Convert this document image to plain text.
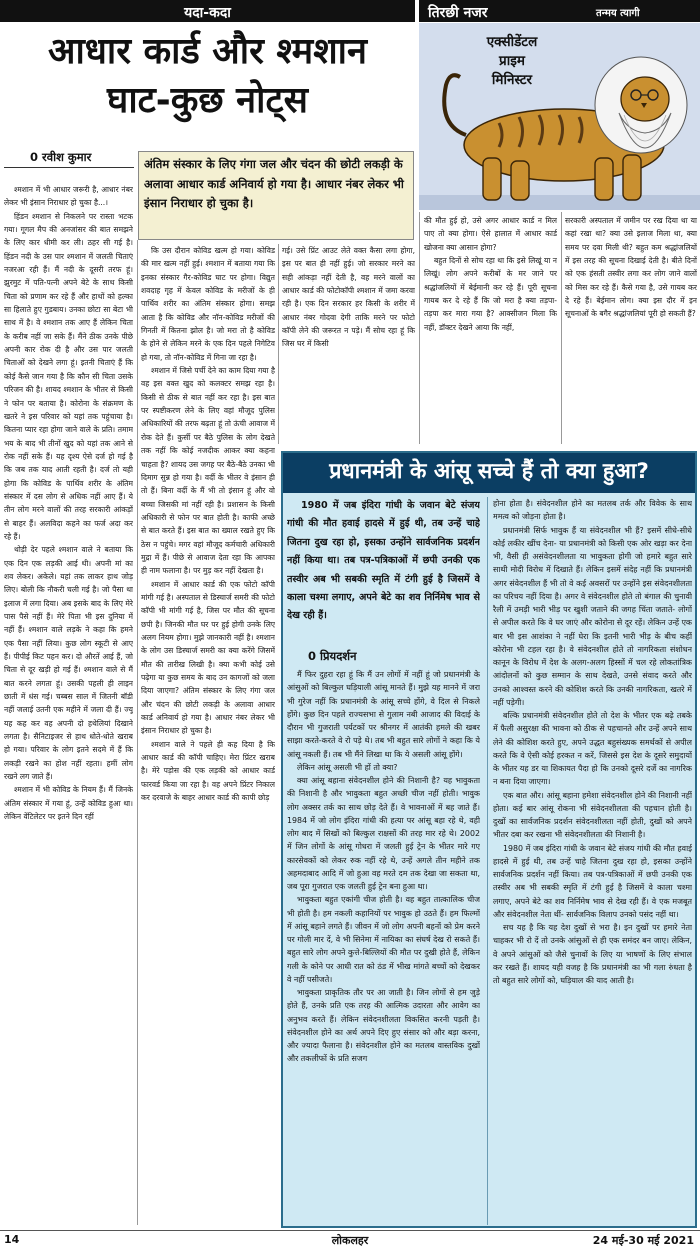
यदा-कदा	तिरछी नजर	तन्मय त्यागी
आधार कार्ड और श्मशान
घाट-कुछ नोट्स
एक्सीडेंटल
प्राइम
मिनिस्टर
0 रवीश कुमार	अंतिम संस्कार के लिए गंगा जल और चंदन की छोटी लकड़ी के अलावा आधार कार्ड अनिवार्य हो गया है। आधार नंबर लेकर भी इंसान निराधार हो चुका है।

श्मशान में भी आधार जरूरी है, आधार नंबर लेकर भी इंसान निराधार हो चुका है...।

हिंडन श्मशान से निकलने पर रास्ता भटक गया। गूगल मैप की अनजांसर की बात समझने के लिए कार धीमी कर ली। ठहर सी गई है। हिंडन नदी के उस पार श्मशान में जलती चिताएं नजरआ रही हैं। मैं नदी के दूसरी तरफ हूं। झुरमुट में पति-पत्नी अपने बेटे के साथ किसी चिता को प्रणाम कर रहे हैं और हाथों को हल्का सा हिलाते हुए गुडबाय। उनका छोटा सा बेटा भी साथ में है। वे श्मशान तक आए हैं लेकिन चिता के करीब नहीं जा सके हैं। मैंने ठीक उनके पीछे अपनी कार रोक दी है और उस पार जलती चिताओं को देखने लगा हूं। इतनी चिताएं हैं कि कोई कैसे जान गया है कि कौन सी चिता उसके परिजन की है। शायद श्मशान के भीतर से किसी ने फोन पर बताया है। कोरोना के संक्रमण के खतरे ने इस परिवार को यहां तक पहुंचाया है। कितना प्यार रहा होगा जाने वाले के प्रति। तमाम भय के बाद भी तीनों खुद को यहां तक आने से रोक नहीं सके हैं। यह दृश्य ऐसे दर्ज हो गई है कि जब तक याद आती रहती है। दर्ज तो यही होगा कि कोविड के पार्थिव शरीर के अंतिम संस्कार में दस लोग से अधिक नहीं आए हैं। ये तीन लोग मरने वालों की तरह सरकारी आंकड़ों से बाहर हैं। अलविदा कहने का फर्ज अदा कर रहे हैं।

थोड़ी देर पहले श्मशान वाले ने बताया कि एक दिन एक लड़की आई थी। अपनी मां का शव लेकर। अकेले। यहां तक लाकर हाथ जोड़ लिए। बोली कि नौकरी चली गई है। जो पैसा था इलाज में लगा दिया। अब इसके बाद के लिए मेरे पास पैसे नहीं हैं। मेरे पिता भी इस दुनिया में नहीं हैं। श्मशान वाले लड़के ने कहा कि हमने एक पैसा नहीं लिया। कुछ लोग स्कूटी से आए हैं। पीपीई किट पहन कर। दो औरतें आई हैं, जो चिता से दूर खड़ी हो गई हैं। श्मशान वाले से मैं बात करने लगता हूं। उसकी पहली ही लाइन छाती में धंस गई। चब्बस साल में जितनी बॉडी नहीं जलाई उतनी एक महीने में जला दी हैं। ज्यू यह कह कर वह अपनी दो हथेलियां दिखाने लगता है। सैनिटाइजर से हाथ धोते-धोते खराब हो गया। परिवार के लोग इतने सदमे में हैं कि लकड़ी रखने का होश नहीं रहता। हमीं लोग रखने लग जाते हैं।

श्मशान में भी कोविड के नियम हैं। मैं जिनके अंतिम संस्कार में गया हूं, उन्हें कोविड हुआ था। लेकिन वेंटिलेटर पर इतने दिन रहीं

कि उस दौरान कोविड खत्म हो गया। कोविड की मार खत्म नहीं हुई। श्मशान में बताया गया कि इनका संस्कार गैर-कोविड घाट पर होगा। विद्युत शवदाह गृह में केवल कोविड के मरीजों के ही पार्थिव शरीर का अंतिम संस्कार होगा। समझ आता है कि कोविड और नॉन-कोविड मरीजों की गिनती में कितना झोल है। जो मरा तो है कोविड के होने से लेकिन मरने के एक दिन पहले निगेटिव हो गया, तो नॉन-कोविड में गिना जा रहा है।

श्मशान में जिसे पर्ची देने का काम दिया गया है वह इस वक्त खुद को कलक्टर समझ रहा है। किसी से ठीक से बात नहीं कर रहा है। इस बात पर स्पष्टीकरण लेने के लिए वहां मौजूद पुलिस अधिकारियों की तरफ बढ़ता हूं तो ऊंची आवाज में रोक देते हैं। कुर्सी पर बैठे पुलिस के लोग देखते तक नहीं कि कोई नजदीक आकर क्या कहना चाहता है? शायद उस जगह पर बैठे-बैठे उनका भी दिमाग सुन्न हो गया है। वर्दी के भीतर वे इंसान ही तो हैं। बिना वर्दी के मैं भी तो इंसान हूं और वो बच्चा जिसकी मां नहीं रही है। प्रशासन के किसी अधिकारी से फोन पर बात होती है। काफी अच्छे से बात करते हैं। इस बात का ख्याल रखते हुए कि ठेस न पहुंचे। मगर वहां मौजूद कर्मचारी अधिकारी मुद्रा में हैं। पीछे से आवाज देता रहा कि आपका ही नाम फलाना है। पर मुड़ कर नहीं देखता है।

श्मशान में आधार कार्ड की एक फोटो कॉपी मांगी गई है। अस्पताल से डिस्चार्ज समरी की फोटो कॉपी भी मांगी गई है, जिस पर मौत की सूचना छपी है। जिनकी मौत घर पर हुई होगी उनके लिए अलग नियम होगा। मुझे जानकारी नहीं है। श्मशान के लोग उस डिस्चार्ज समरी का क्या करेंगे जिसमें मौत की तारीख लिखी है। क्या कभी कोई उसे पढ़ेगा या कुछ समय के बाद उन कागजों को जला दिया जाएगा? अंतिम संस्कार के लिए गंगा जल और चंदन की छोटी लकड़ी के अलावा आधार कार्ड अनिवार्य हो गया है। आधार नंबर लेकर भी इंसान निराधार हो चुका है।

श्मशान वाले ने पहले ही कह दिया है कि आधार कार्ड की कॉपी चाहिए। मेरा प्रिंटर खराब है। मेरे पड़ोस की एक लड़की को आधार कार्ड फारवर्ड किया जा रहा है। वह अपने प्रिंटर निकाल कर दरवाजे के बाहर आधार कार्ड की कापी छोड़

गई। उसे प्रिंट आउट लेते वक्त कैसा लगा होगा, इस पर बात ही नहीं हुई। जो सरकार मरने का सही आंकड़ा नहीं देती है, वह मरने वालों का आधार कार्ड की फोटोकॉपी श्मशान में जमा करवा रही है। एक दिन सरकार हर किसी के शरीर में आधार नंबर गोदवा देगी ताकि मरने पर फोटो कॉपी लेने की जरूरत न पड़े। मैं सोच रहा हूं कि जिस घर में किसी

की मौत हुई हो, उसे अगर आधार कार्ड न मिल पाए तो क्या होगा। ऐसे हालात में आधार कार्ड खोजना क्या आसान होगा?

बहुत दिनों से सोच रहा था कि इसे लिखूं या न लिखूं। लोग अपने करीबों के मर जाने पर श्रद्धांजलियों में बेईमानी कर रहे हैं। पूरी सूचना गायब कर दे रहे हैं कि जो मरा है क्या तड़पा-तड़पा कर मारा गया है? आक्सीजन मिला कि नहीं, डॉक्टर देखने आया कि नहीं,

सरकारी अस्पताल में जमीन पर रख दिया था या कहां रखा था? क्या उसे इलाज मिला था, क्या समय पर दवा मिली थी? बहुत कम श्रद्धांजलियों में इस तरह की सूचना दिखाई देती है। बीते दिनों को एक हंसती तस्वीर लगा कर लोग जाने वालों को मिस कर रहे हैं। कैसे गया है, उसे गायब कर दे रहे हैं। बेईमान लोग। क्या इस दौर में इन सूचनाओं के बगैर श्रद्धांजलियां पूरी हो सकती हैं?

प्रधानमंत्री के आंसू सच्चे हैं तो क्या हुआ?
1980 में जब इंदिरा गांधी के जवान बेटे संजय गांधी की मौत हवाई हादसे में हुई थी, तब उन्हें चाहे जितना दुख रहा हो, इसका उन्होंने सार्वजनिक प्रदर्शन नहीं किया था। तब पत्र-पत्रिकाओं में छपी उनकी एक तस्वीर अब भी सबकी स्मृति में टंगी हुई है जिसमें वे काला चश्मा लगाए, अपने बेटे का शव निर्निमेष भाव से देख रही हैं।
0 प्रियदर्शन

मैं फिर दुहरा रहा हूं कि मैं उन लोगों में नहीं हूं जो प्रधानमंत्री के आंसुओं को बिल्कुल घड़ियाली आंसू मानते हैं। मुझे यह मानने में जरा भी गुरेज नहीं कि प्रधानमंत्री के आंसू सच्चे होंगे, वे दिल से निकले होंगे। कुछ दिन पहले राज्यसभा से गुलाम नबी आजाद की विदाई के दौरान भी गुजराती पर्यटकों पर श्रीनगर में आतंकी हमले की खबर साझा करते-करते वे रो पड़े थे। तब भी बहुत सारे लोगों ने कहा कि ये आंसू नकली हैं। तब भी मैंने लिखा था कि ये असली आंसू होंगे।

लेकिन आंसू असली भी हों तो क्या?

क्या आंसू बहाना संवेदनशील होने की निशानी है? यह भावुकता की निशानी है और भावुकता बहुत अच्छी चीज नहीं होती। भावुक लोग अक्सर तर्क का साथ छोड़ देते हैं। वे भावनाओं में बह जाते हैं। 1984 में जो लोग इंदिरा गांधी की हत्या पर आंसू बहा रहे थे, वही लोग बाद में सिखों को बिल्कुल राक्षसों की तरह मार रहे थे। 2002 में जिन लोगों के आंसू गोधरा में जलती हुई ट्रेन के भीतर मारे गए कारसेवकों को लेकर रुक नहीं रहे थे, उन्हें अगले तीन महीने तक अहमदाबाद आदि में जो हुआ वह मरते दम तक देखा जा सकता था, जब पूरा गुजरात एक जलती हुई ट्रेन बना हुआ था।

भावुकता बहुत एकांगी चीज होती है। वह बहुत तात्कालिक चीज भी होती है। हम नकली कहानियों पर भावुक हो उठते हैं। हम फिल्मों में आंसू बहाने लगते हैं। जीवन में जो लोग अपनी बहनों को प्रेम करने पर गोली मार दें, वे भी सिनेमा में नायिका का संघर्ष देख रो सकते हैं। बहुत सारे लोग अपने कुत्ते-बिल्लियों की मौत पर दुखी होते हैं, लेकिन गली के कोने पर आधी रात को ठंड में भीख मांगते बच्चों को देखकर वे नहीं पसीजते।

भावुकता प्राकृतिक तौर पर आ जाती है। जिन लोगों से हम जुड़े होते हैं, उनके प्रति एक तरह की आत्मिक उदारता और आवेग का अनुभव करते हैं। लेकिन संवेदनशीलता विकसित करनी पड़ती है। संवेदनशील होने का अर्थ अपने दिए हुए संसार को और बड़ा करना, और ज्यादा फैलाना है। संवेदनशील होने का मतलब वास्तविक दुखों और तकलीफों के प्रति सजग

होना होता है। संवेदनशील होने का मतलब तर्क और विवेक के साथ ममत्व को जोड़ना होता है।

प्रधानमंत्री सिर्फ भावुक हैं या संवेदनशील भी हैं? इसमें सीधे-सीधे कोई लकीर खींच देना- या प्रधानमंत्री को किसी एक ओर खड़ा कर देना भी, वैसी ही असंवेदनशीलता या भावुकता होगी जो हमारे बहुत सारे साथी मोदी विरोध में दिखाते हैं। लेकिन इसमें संदेह नहीं कि प्रधानमंत्री अगर संवेदनशील हैं भी तो वे कई अवसरों पर उन्होंने इस संवेदनशीलता का परिचय नहीं दिया है। अगर वे संवेदनशील होते तो बंगाल की चुनावी रैली में उमड़ी भारी भीड़ पर खुशी जताने की जगह चिंता जताते- लोगों से अपील करते कि वे घर जाएं और कोरोना से दूर रहें। लेकिन उन्हें एक बार भी इस आशंका ने नहीं घेरा कि इतनी भारी भीड़ के बीच कहीं कोरोना भी टहल रहा है। वे संवेदनशील होते तो नागरिकता संशोधन कानून के विरोध में देश के अलग-अलग हिस्सों में चल रहे लोकतांत्रिक आंदोलनों को कुछ सम्मान के साथ देखते, उनसे संवाद करते और उनको आश्वस्त करने की कोशिश करते कि उनकी नागरिकता, खतरे में नहीं पड़ेगी।

बल्कि प्रधानमंत्री संवेदनशील होते तो देश के भीतर एक बढ़े तबके में फैली असुरक्षा की भावना को ठीक से पहचानते और उन्हें अपने साथ लेने की कोशिश करते हुए, अपने उद्धत बहुसंख्यक समर्थकों से अपील करते कि वे ऐसी कोई हरकत न करें, जिससे इस देश के दूसरे समुदायों के भीतर यह डर या शिकायत पैदा हो कि उनको दूसरे दर्जे का नागरिक न बना दिया जाएगा।

एक बात और। आंसू बहाना हमेशा संवेदनशील होने की निशानी नहीं होता। कई बार आंसू रोकना भी संवेदनशीलता की पहचान होती है। दुखों का सार्वजनिक प्रदर्शन संवेदनशीलता नहीं होती, दुखों को अपने भीतर दबा कर रखना भी संवेदनशीलता की निशानी है।

1980 में जब इंदिरा गांधी के जवान बेटे संजय गांधी की मौत हवाई हादसे में हुई थी, तब उन्हें चाहे जितना दुख रहा हो, इसका उन्होंने सार्वजनिक प्रदर्शन नहीं किया। तब पत्र-पत्रिकाओं में छपी उनकी एक तस्वीर अब भी सबकी स्मृति में टंगी हुई है जिसमें वे काला चश्मा लगाए, अपने बेटे का शव निर्निमेष भाव से देख रही हैं। वे एक मजबूत और संवेदनशील नेता थीं- सार्वजनिक विलाप उनको पसंद नहीं था।

सच यह है कि यह देश दुखों से भरा है। इन दुखों पर हमारे नेता चाहकर भी रो दें तो उनके आंसुओं से ही एक समंदर बन जाए। लेकिन, वे अपने आंसुओं को जैसे चुनावों के लिए या भाषणों के लिए संभाल कर रखते हैं। शायद यही वजह है कि प्रधानमंत्री का भी गला रुंधता है तो बहुत सारे लोगों को, घड़ियाल की याद आती है।

14	लोकलहर	24 मई-30 मई 2021
